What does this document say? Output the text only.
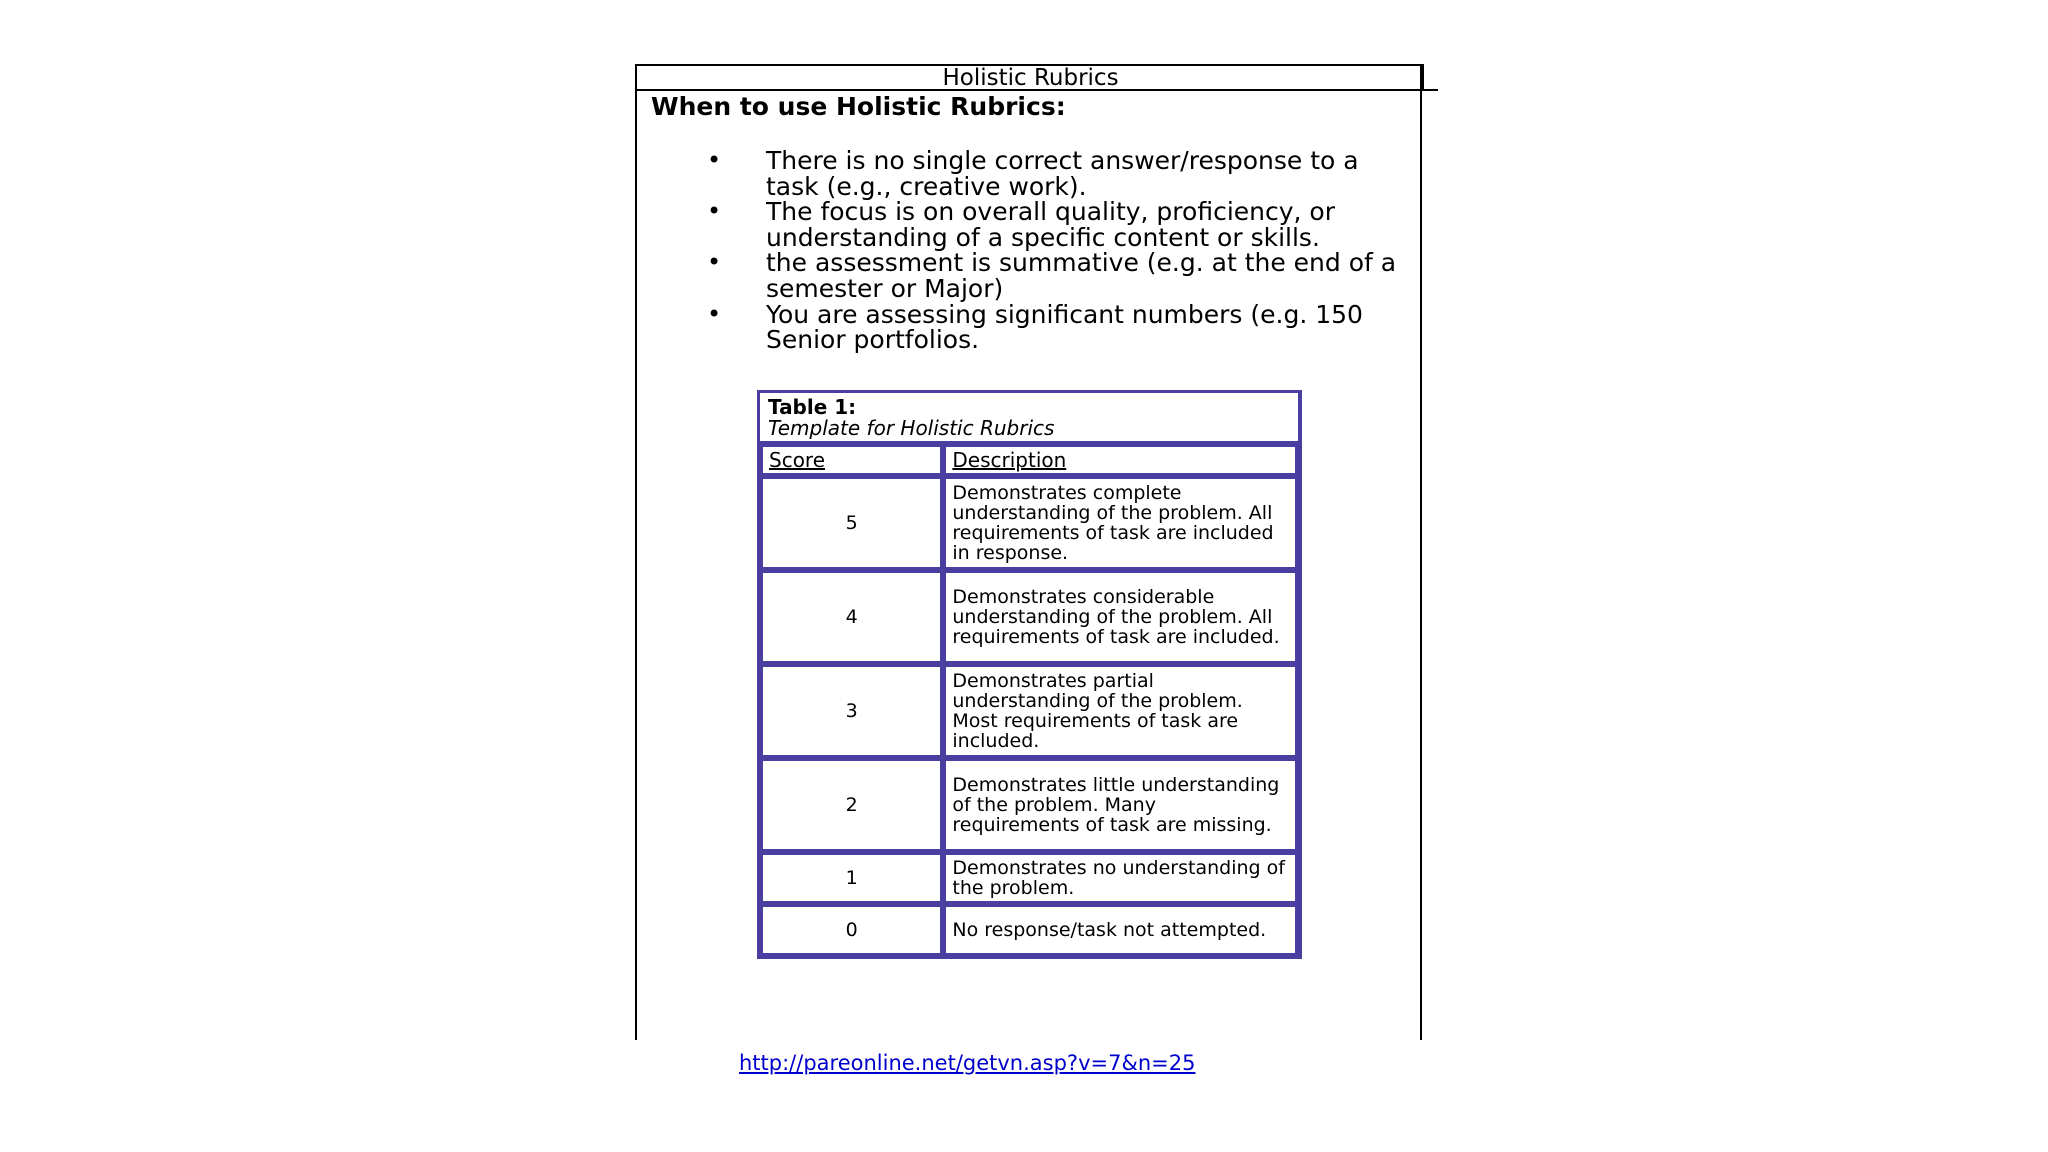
Holistic Rubrics
When to use Holistic Rubrics:
• There is no single correct answer/response to a task (e.g., creative work).
• The focus is on overall quality, proficiency, or understanding of a specific content or skills.
• the assessment is summative (e.g. at the end of a semester or Major)
• You are assessing significant numbers (e.g. 150 Senior portfolios.
Table 1:
Template for Holistic Rubrics	

Score	Description
5	Demonstrates complete understanding of the problem. All requirements of task are included in response.
4	Demonstrates considerable understanding of the problem. All requirements of task are included.
3	Demonstrates partial understanding of the problem. Most requirements of task are included.
2	Demonstrates little understanding of the problem. Many requirements of task are missing.
1	Demonstrates no understanding of the problem.
0	No response/task not attempted.
http://pareonline.net/getvn.asp?v=7&n=25
